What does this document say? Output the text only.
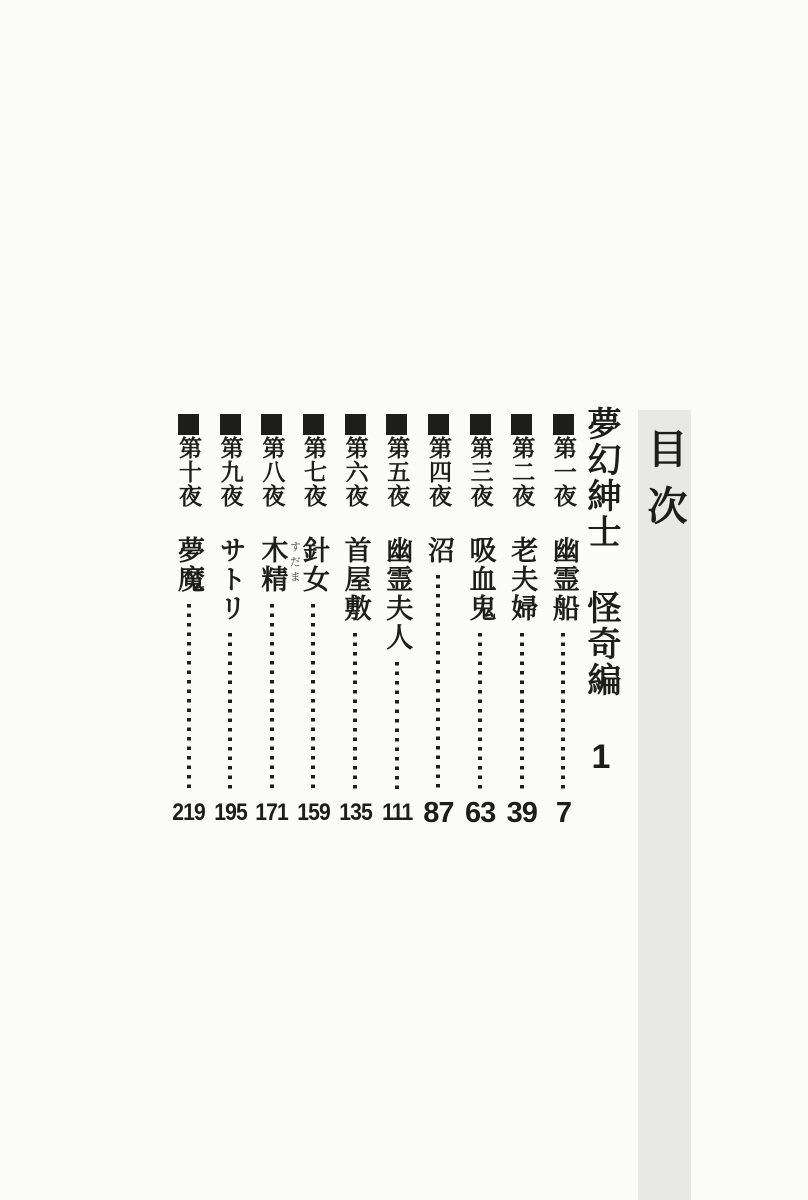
目次
夢幻紳士 怪奇編 1
第一夜
幽霊船
7
第二夜
老夫婦
39
第三夜
吸血鬼
63
第四夜
沼
87
第五夜
幽霊夫人
111
第六夜
首屋敷
135
第七夜
針女
159
第八夜
木精 すだま
171
第九夜
サトリ
195
第十夜
夢魔
219
